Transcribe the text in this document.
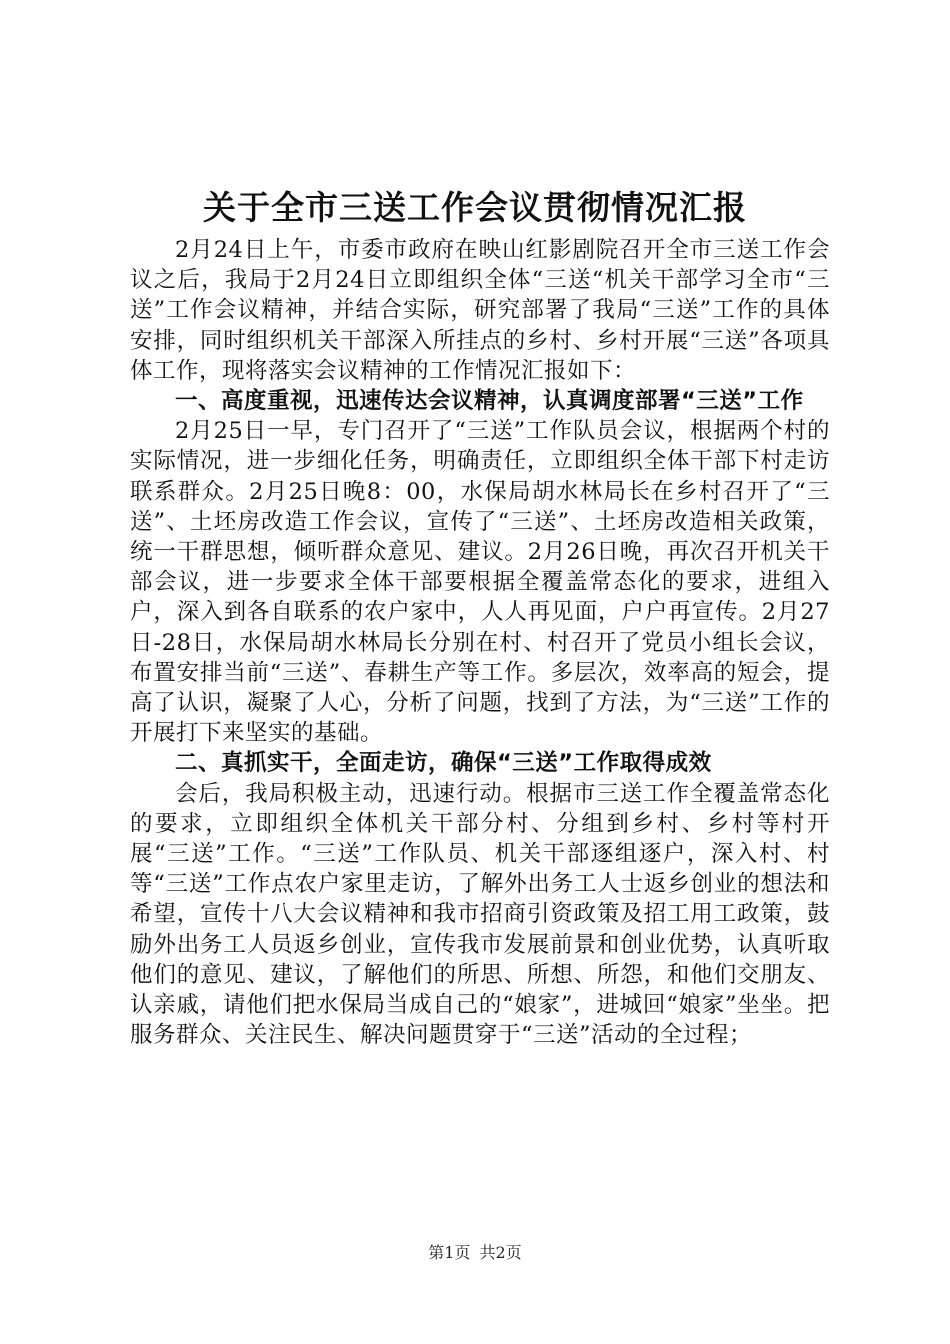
关于全市三送工作会议贯彻情况汇报

2月24日上午，市委市政府在映山红影剧院召开全市三送工作会议之后，我局于2月24日立即组织全体“三送“机关干部学习全市“三送”工作会议精神，并结合实际，研究部署了我局“三送”工作的具体安排，同时组织机关干部深入所挂点的乡村、乡村开展“三送”各项具体工作，现将落实会议精神的工作情况汇报如下：

一、高度重视，迅速传达会议精神，认真调度部署“三送”工作

2月25日一早，专门召开了“三送”工作队员会议，根据两个村的实际情况，进一步细化任务，明确责任，立即组织全体干部下村走访联系群众。2月25日晚8：00，水保局胡水林局长在乡村召开了“三送”、土坯房改造工作会议，宣传了“三送”、土坯房改造相关政策，统一干群思想，倾听群众意见、建议。2月26日晚，再次召开机关干部会议，进一步要求全体干部要根据全覆盖常态化的要求，进组入户，深入到各自联系的农户家中，人人再见面，户户再宣传。2月27日-28日，水保局胡水林局长分别在村、村召开了党员小组长会议，布置安排当前“三送”、春耕生产等工作。多层次，效率高的短会，提高了认识，凝聚了人心，分析了问题，找到了方法，为“三送”工作的开展打下来坚实的基础。

二、真抓实干，全面走访，确保“三送”工作取得成效

会后，我局积极主动，迅速行动。根据市三送工作全覆盖常态化的要求，立即组织全体机关干部分村、分组到乡村、乡村等村开展“三送”工作。“三送”工作队员、机关干部逐组逐户，深入村、村等“三送”工作点农户家里走访，了解外出务工人士返乡创业的想法和希望，宣传十八大会议精神和我市招商引资政策及招工用工政策，鼓励外出务工人员返乡创业，宣传我市发展前景和创业优势，认真听取他们的意见、建议，了解他们的所思、所想、所怨，和他们交朋友、认亲戚，请他们把水保局当成自己的“娘家”，进城回“娘家”坐坐。把服务群众、关注民生、解决问题贯穿于“三送”活动的全过程；

第1页 共2页
